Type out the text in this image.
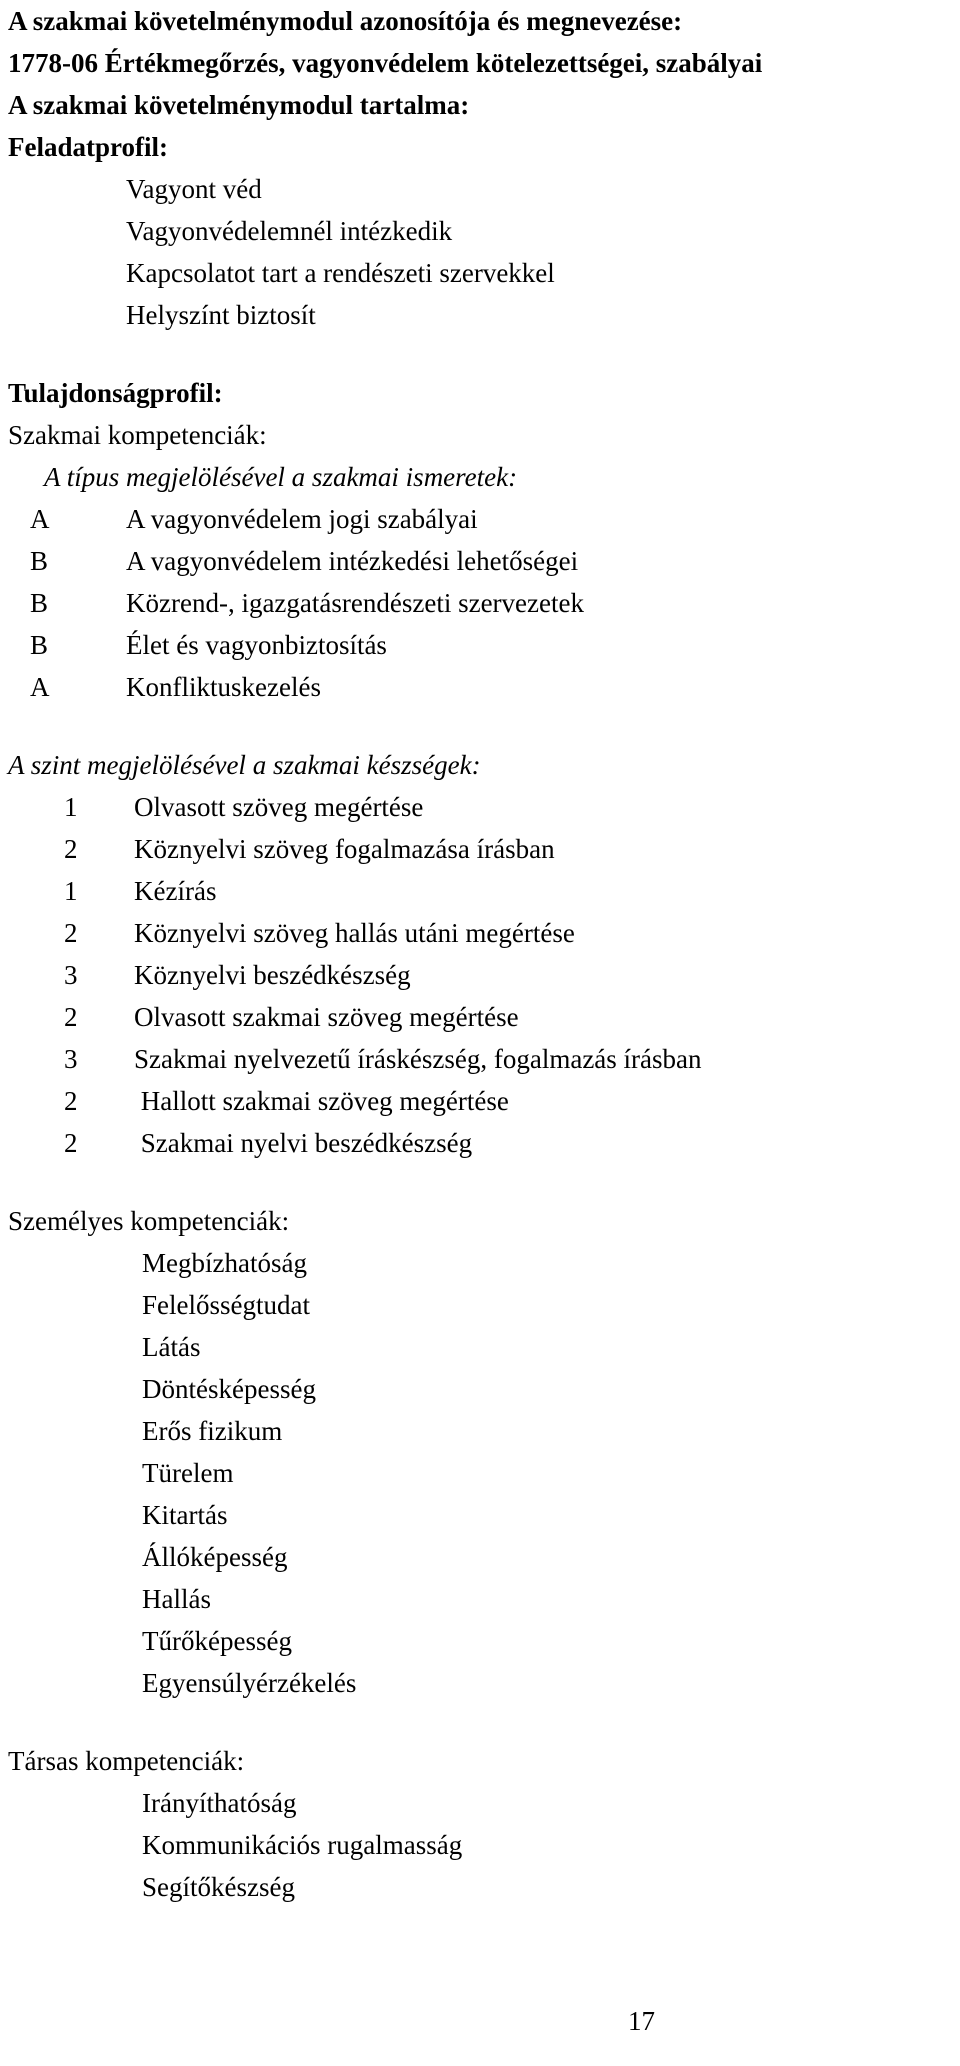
A szakmai követelménymodul azonosítója és megnevezése:
1778-06 Értékmegőrzés, vagyonvédelem kötelezettségei, szabályai
A szakmai követelménymodul tartalma:
Feladatprofil:
Vagyont véd
Vagyonvédelemnél intézkedik
Kapcsolatot tart a rendészeti szervekkel
Helyszínt biztosít
Tulajdonságprofil:
Szakmai kompetenciák:
A típus megjelölésével a szakmai ismeretek:
A	A vagyonvédelem jogi szabályai
B	A vagyonvédelem intézkedési lehetőségei
B	Közrend-, igazgatásrendészeti szervezetek
B	Élet és vagyonbiztosítás
A	Konfliktuskezelés
A szint megjelölésével a szakmai készségek:
1	Olvasott szöveg megértése
2	Köznyelvi szöveg fogalmazása írásban
1	Kézírás
2	Köznyelvi szöveg hallás utáni megértése
3	Köznyelvi beszédkészség
2	Olvasott szakmai szöveg megértése
3	Szakmai nyelvezetű íráskészség, fogalmazás írásban
2	Hallott szakmai szöveg megértése
2	Szakmai nyelvi beszédkészség
Személyes kompetenciák:
Megbízhatóság
Felelősségtudat
Látás
Döntésképesség
Erős fizikum
Türelem
Kitartás
Állóképesség
Hallás
Tűrőképesség
Egyensúlyérzékelés
Társas kompetenciák:
Irányíthatóság
Kommunikációs rugalmasság
Segítőkészség
17
